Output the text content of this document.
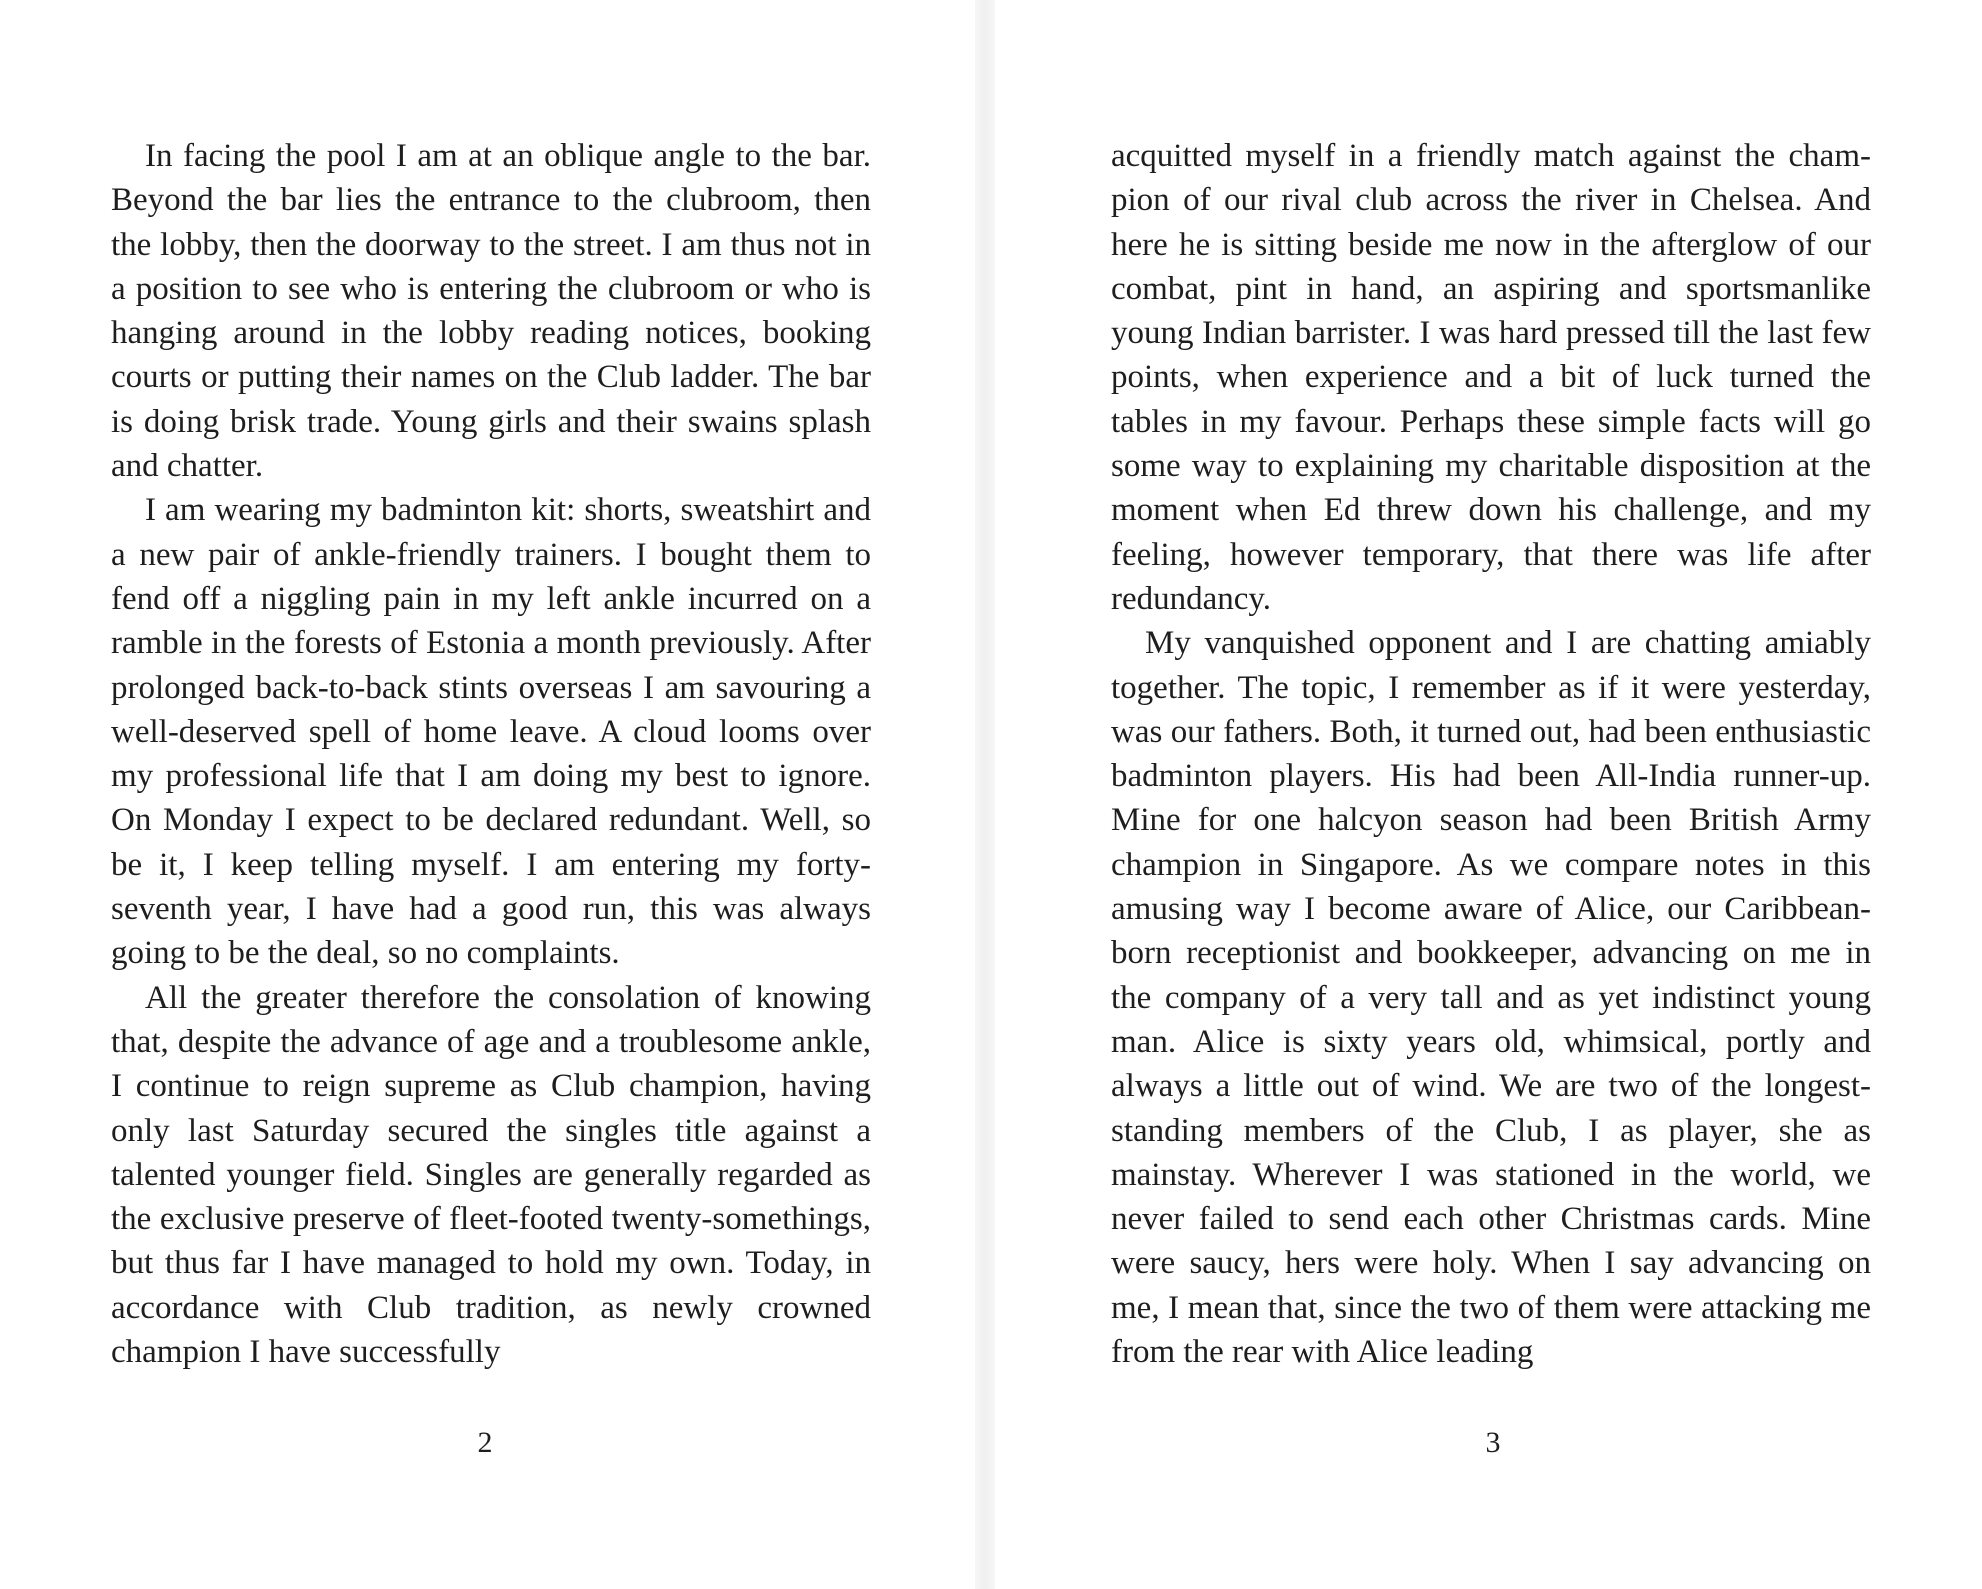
In facing the pool I am at an oblique angle to the bar. Beyond the bar lies the entrance to the clubroom, then the lobby, then the doorway to the street. I am thus not in a position to see who is entering the clubroom or who is hanging around in the lobby reading notices, booking courts or putting their names on the Club ladder. The bar is doing brisk trade. Young girls and their swains splash and chatter.

I am wearing my badminton kit: shorts, sweatshirt and a new pair of ankle-friendly trainers. I bought them to fend off a niggling pain in my left ankle incurred on a ramble in the forests of Estonia a month previously. After prolonged back-to-back stints overseas I am savouring a well-deserved spell of home leave. A cloud looms over my professional life that I am doing my best to ignore. On Monday I expect to be declared redundant. Well, so be it, I keep telling myself. I am entering my forty-seventh year, I have had a good run, this was always going to be the deal, so no complaints.

All the greater therefore the consolation of knowing that, despite the advance of age and a troublesome ankle, I continue to reign supreme as Club champion, having only last Saturday secured the singles title against a talented younger field. Singles are generally regarded as the exclusive preserve of fleet-footed twenty-somethings, but thus far I have managed to hold my own. Today, in accordance with Club tradition, as newly crowned champion I have successfully

2

acquitted myself in a friendly match against the champion of our rival club across the river in Chelsea. And here he is sitting beside me now in the afterglow of our combat, pint in hand, an aspiring and sportsmanlike young Indian barrister. I was hard pressed till the last few points, when experience and a bit of luck turned the tables in my favour. Perhaps these simple facts will go some way to explaining my charitable disposition at the moment when Ed threw down his challenge, and my feeling, however temporary, that there was life after redundancy.

My vanquished opponent and I are chatting amiably together. The topic, I remember as if it were yesterday, was our fathers. Both, it turned out, had been enthusiastic badminton players. His had been All-India runner-up. Mine for one halcyon season had been British Army champion in Singapore. As we compare notes in this amusing way I become aware of Alice, our Caribbean-born receptionist and bookkeeper, advancing on me in the company of a very tall and as yet indistinct young man. Alice is sixty years old, whimsical, portly and always a little out of wind. We are two of the longest-standing members of the Club, I as player, she as mainstay. Wherever I was stationed in the world, we never failed to send each other Christmas cards. Mine were saucy, hers were holy. When I say advancing on me, I mean that, since the two of them were attacking me from the rear with Alice leading

3
